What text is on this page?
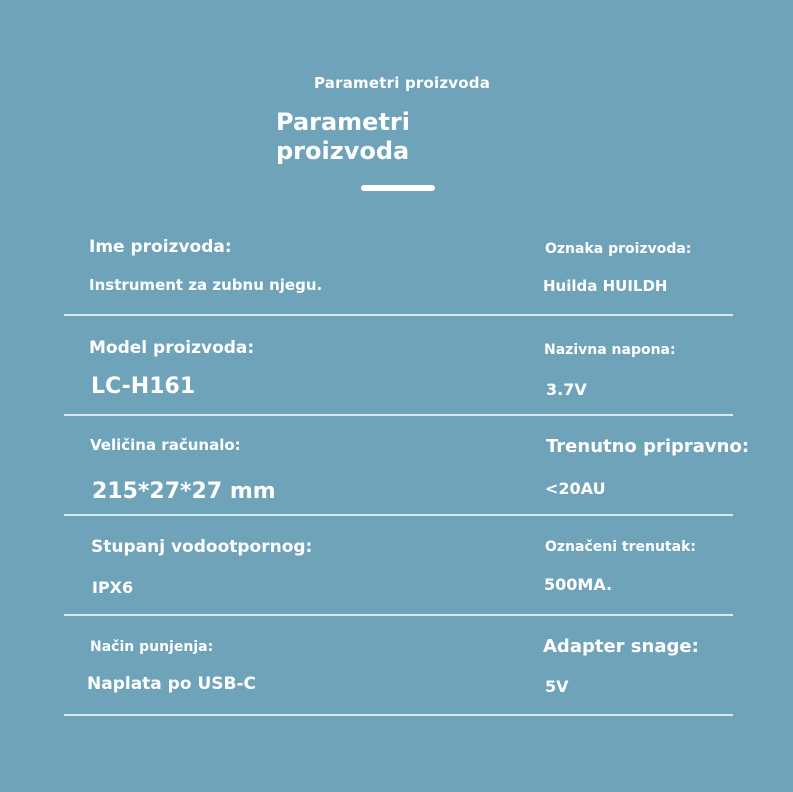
Parametri proizvoda
Parametri proizvoda
Ime proizvoda:
Instrument za zubnu njegu.
Oznaka proizvoda:
Huilda HUILDH
Model proizvoda:
LC-H161
Nazivna napona:
3.7V
Veličina računalo:
215*27*27 mm
Trenutno pripravno:
<20AU
Stupanj vodootpornog:
IPX6
Označeni trenutak:
500MA.
Način punjenja:
Naplata po USB-C
Adapter snage:
5V
